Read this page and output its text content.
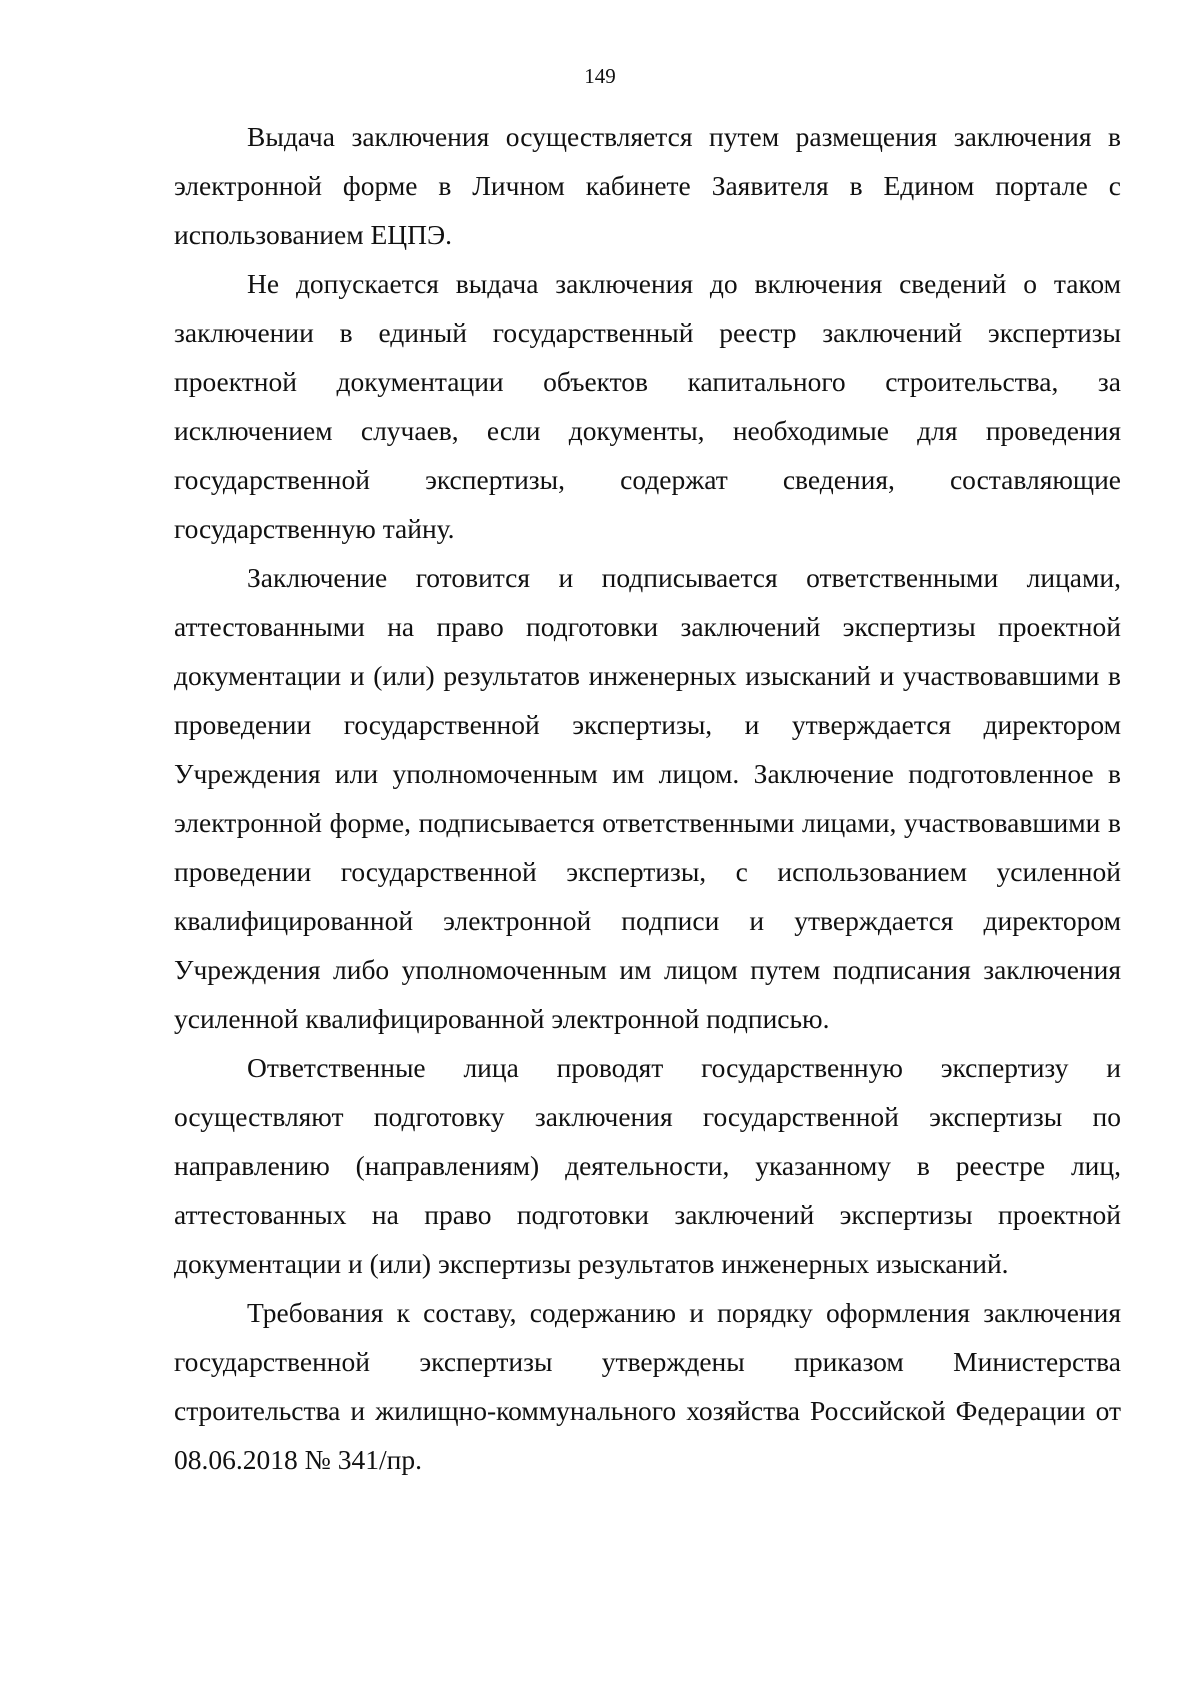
149

Выдача заключения осуществляется путем размещения заключения в электронной форме в Личном кабинете Заявителя в Едином портале с использованием ЕЦПЭ.

Не допускается выдача заключения до включения сведений о таком заключении в единый государственный реестр заключений экспертизы проектной документации объектов капитального строительства, за исключением случаев, если документы, необходимые для проведения государственной экспертизы, содержат сведения, составляющие государственную тайну.

Заключение готовится и подписывается ответственными лицами, аттестованными на право подготовки заключений экспертизы проектной документации и (или) результатов инженерных изысканий и участвовавшими в проведении государственной экспертизы, и утверждается директором Учреждения или уполномоченным им лицом. Заключение подготовленное в электронной форме, подписывается ответственными лицами, участвовавшими в проведении государственной экспертизы, с использованием усиленной квалифицированной электронной подписи и утверждается директором Учреждения либо уполномоченным им лицом путем подписания заключения усиленной квалифицированной электронной подписью.

Ответственные лица проводят государственную экспертизу и осуществляют подготовку заключения государственной экспертизы по направлению (направлениям) деятельности, указанному в реестре лиц, аттестованных на право подготовки заключений экспертизы проектной документации и (или) экспертизы результатов инженерных изысканий.

Требования к составу, содержанию и порядку оформления заключения государственной экспертизы утверждены приказом Министерства строительства и жилищно-коммунального хозяйства Российской Федерации от 08.06.2018 № 341/пр.
